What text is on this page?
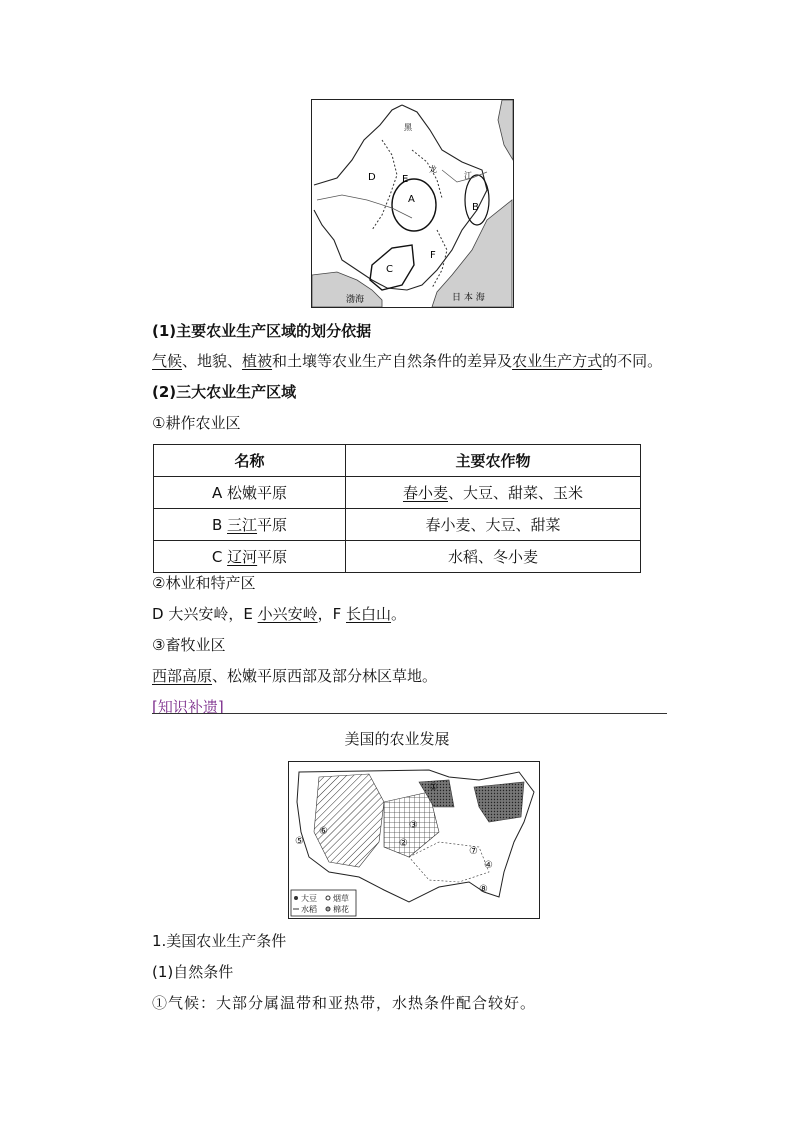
A
B
C
D	E
F
黑
龙
江
渤海	日 本 海
(1)主要农业生产区域的划分依据
气候、地貌、植被和土壤等农业生产自然条件的差异及农业生产方式的不同。
(2)三大农业生产区域
①耕作农业区
名称	主要农作物
A 松嫩平原	春小麦、大豆、甜菜、玉米
B 三江平原	春小麦、大豆、甜菜
C 辽河平原	水稻、冬小麦
②林业和特产区
D 大兴安岭，E 小兴安岭，F 长白山。
③畜牧业区
西部高原、松嫩平原西部及部分林区草地。
[知识补遗]
美国的农业发展
①
②
③
④
⑤
⑥
⑦
⑧
大豆 烟草
水稻 棉花
1.美国农业生产条件
(1)自然条件
①气候：大部分属温带和亚热带，水热条件配合较好。
